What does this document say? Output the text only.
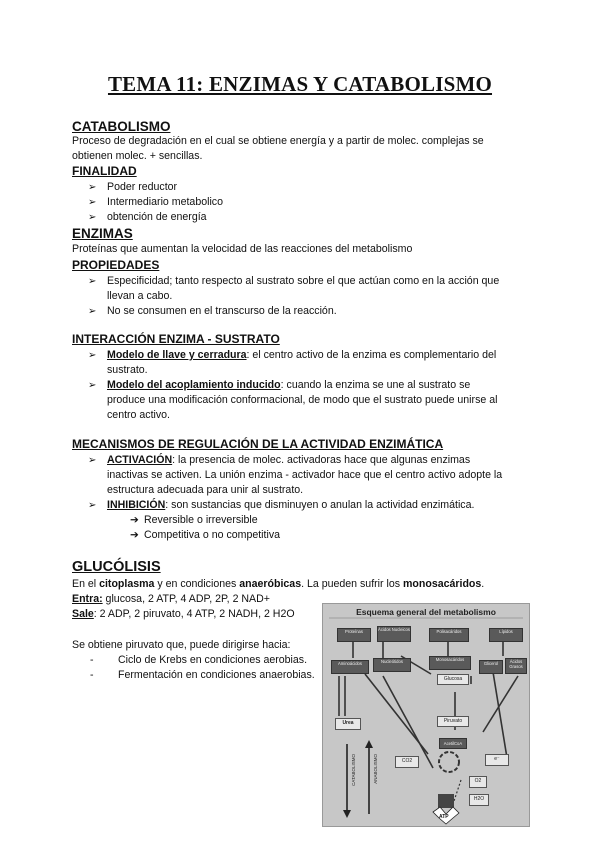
TEMA 11: ENZIMAS Y CATABOLISMO
CATABOLISMO
Proceso de degradación en el cual se obtiene energía y a partir de molec. complejas se
obtienen molec. + sencillas.
FINALIDAD
➢ Poder reductor
➢ Intermediario metabolico
➢ obtención de energía
ENZIMAS
Proteínas que aumentan la velocidad de las reacciones del metabolismo
PROPIEDADES
➢ Especificidad; tanto respecto al sustrato sobre el que actúan como en la acción que
llevan a cabo.
➢ No se consumen en el transcurso de la reacción.
INTERACCIÓN ENZIMA - SUSTRATO
➢ Modelo de llave y cerradura: el centro activo de la enzima es complementario del
sustrato.
➢ Modelo del acoplamiento inducido: cuando la enzima se une al sustrato se
produce una modificación conformacional, de modo que el sustrato puede unirse al
centro activo.
MECANISMOS DE REGULACIÓN DE LA ACTIVIDAD ENZIMÁTICA
➢ ACTIVACIÓN: la presencia de molec. activadoras hace que algunas enzimas
inactivas se activen. La unión enzima - activador hace que el centro activo adopte la
estructura adecuada para unir al sustrato.
➢ INHIBICIÓN: son sustancias que disminuyen o anulan la actividad enzimática.
➔ Reversible o irreversible
➔ Competitiva o no competitiva
GLUCÓLISIS
En el citoplasma y en condiciones anaeróbicas. La pueden sufrir los monosacáridos.
Entra: glucosa, 2 ATP, 4 ADP, 2P, 2 NAD+
Sale: 2 ADP, 2 piruvato, 4 ATP, 2 NADH, 2 H2O
Se obtiene piruvato que, puede dirigirse hacia:
- Ciclo de Krebs en condiciones aerobias.
- Fermentación en condiciones anaerobias.
Esquema general del metabolismo
Proteínas	Ácidos Nucleicos	Polisacáridos	Lípidos
Aminoácidos	Nucleótidos	Monosacáridos
Glicerol	Ácidos Grasos
Glucosa
Piruvato
AcetilCoA
Urea
CO2	e⁻
O2
H2O
ATP
CATABOLISMO	ANABOLISMO
